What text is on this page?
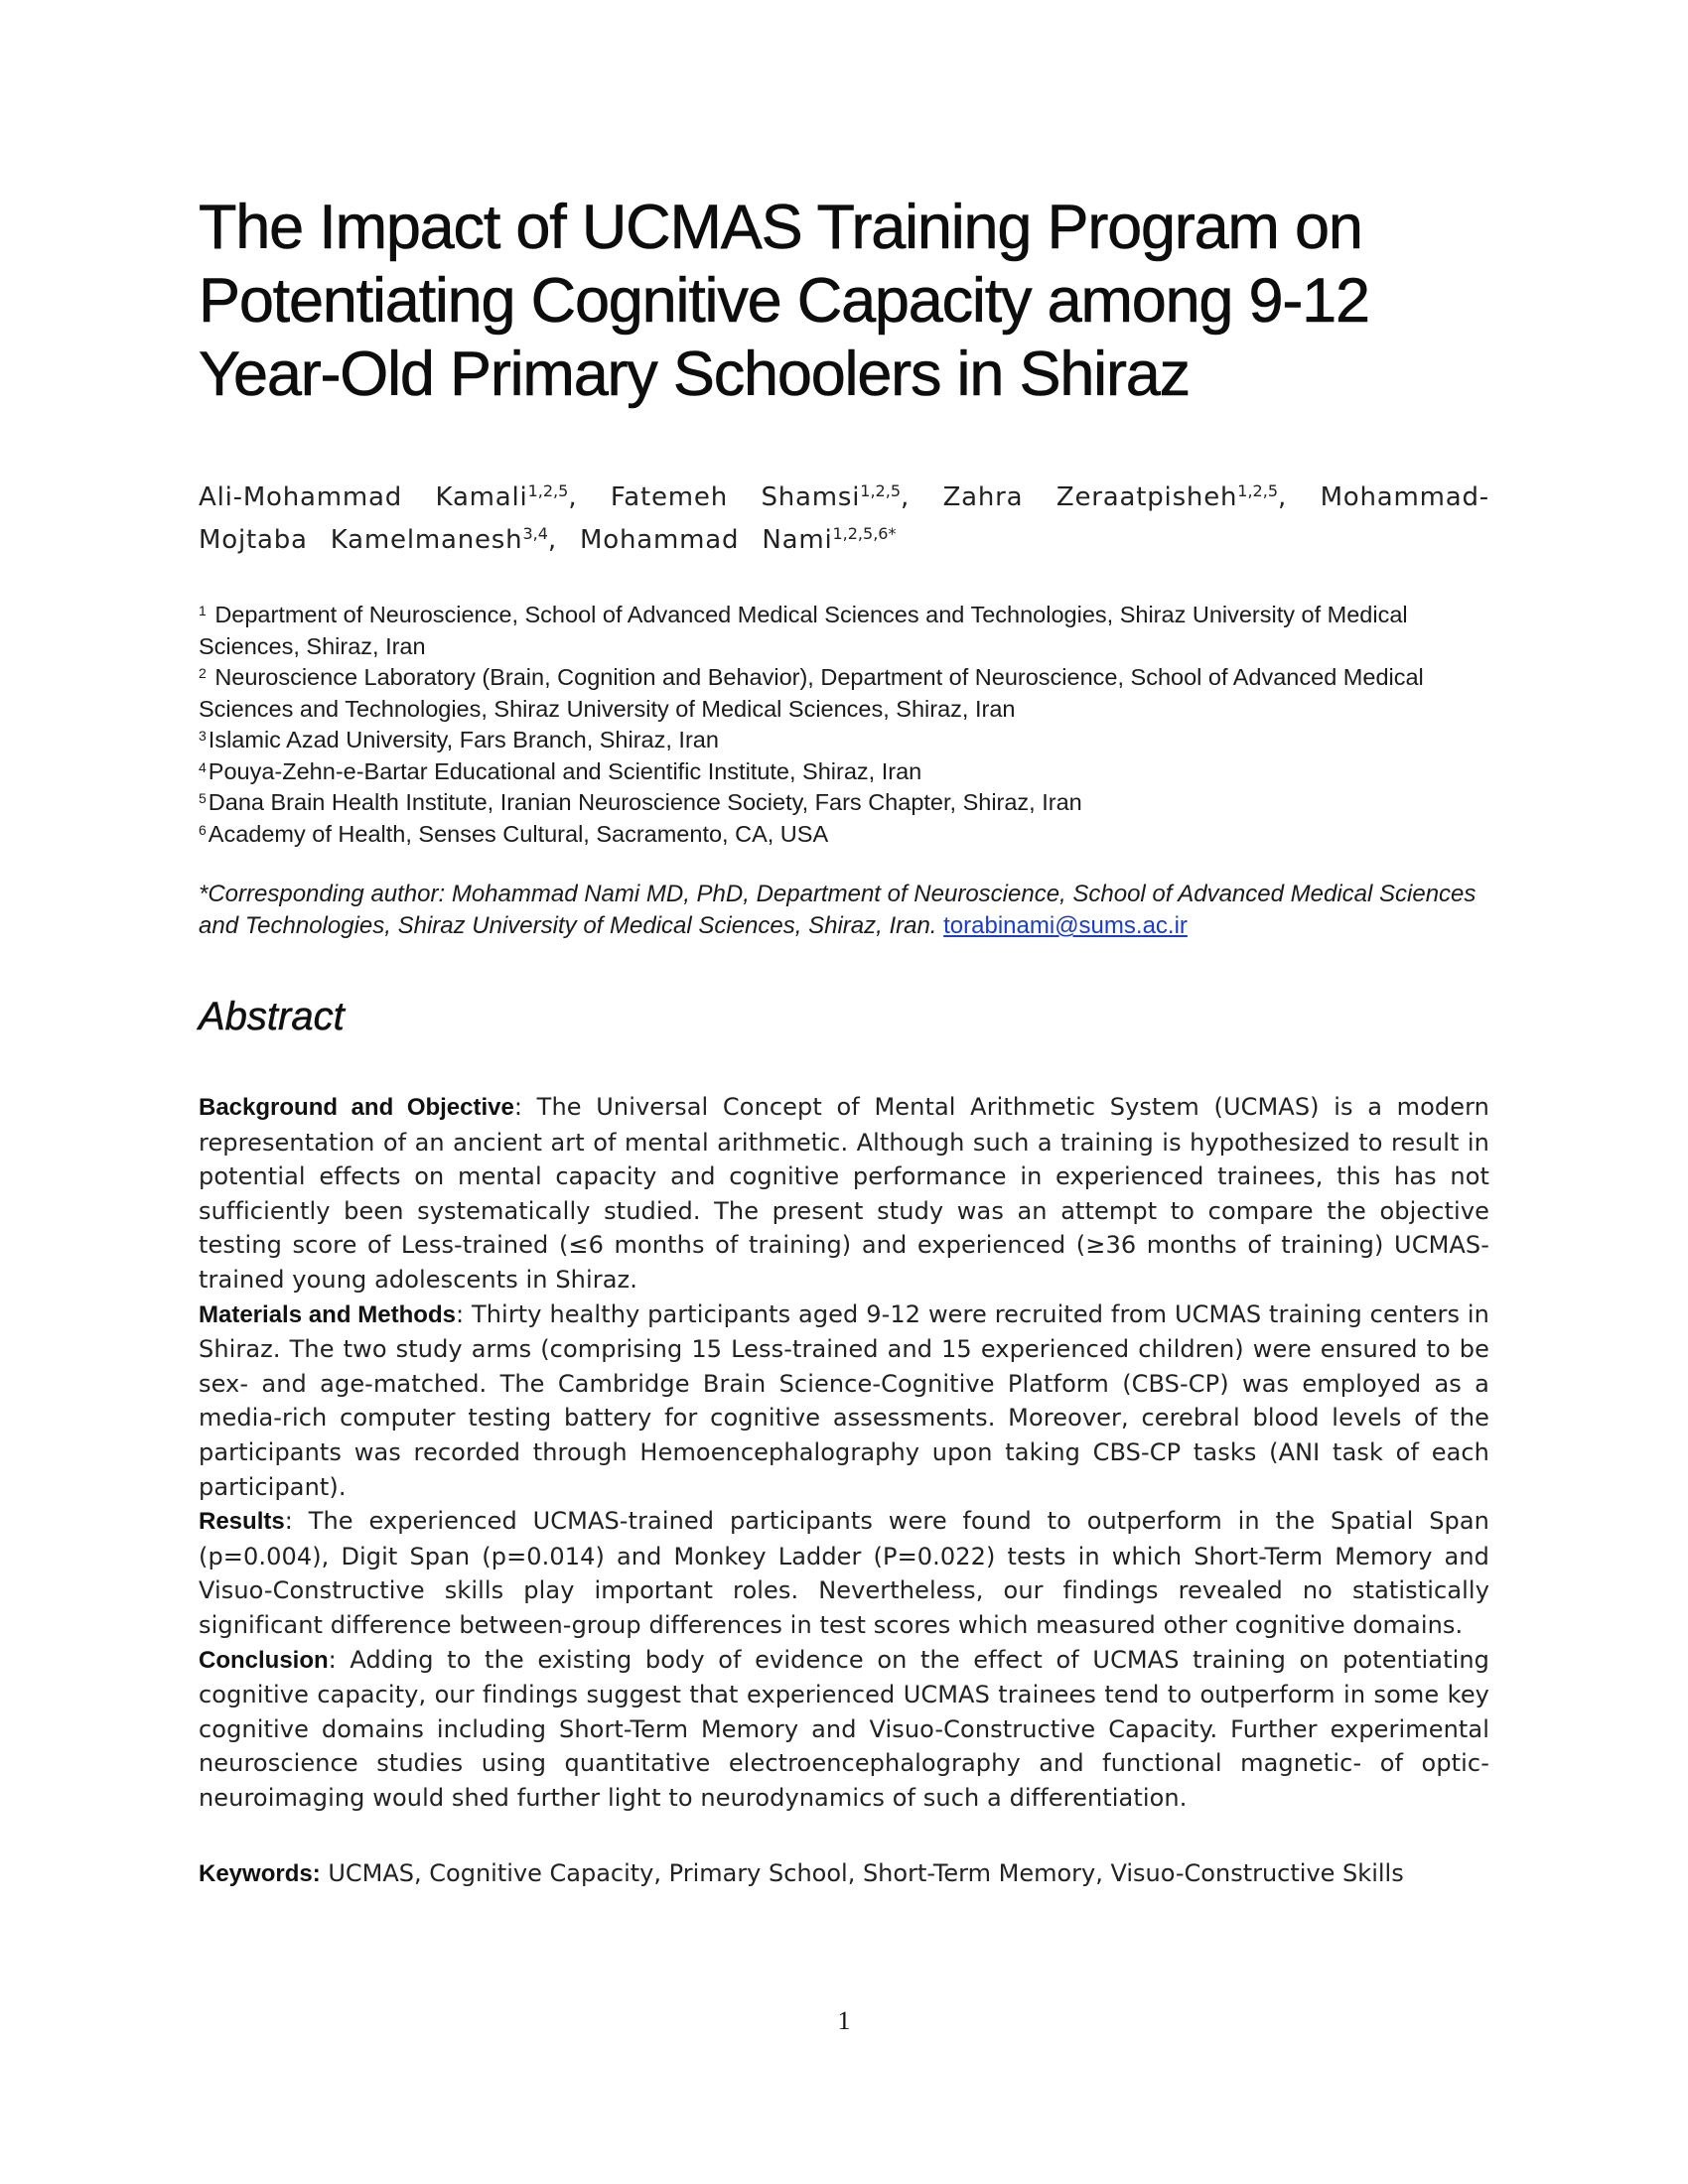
The Impact of UCMAS Training Program on
Potentiating Cognitive Capacity among 9-12
Year-Old Primary Schoolers in Shiraz
Ali-Mohammad Kamali$^{1,2,5}$, Fatemeh Shamsi$^{1,2,5}$, Zahra Zeraatpisheh$^{1,2,5}$, Mohammad-Mojtaba Kamelmanesh$^{3,4}$, Mohammad Nami$^{1,2,5,6*}$
$^1$ Department of Neuroscience, School of Advanced Medical Sciences and Technologies, Shiraz University of Medical Sciences, Shiraz, Iran
$^2$ Neuroscience Laboratory (Brain, Cognition and Behavior), Department of Neuroscience, School of Advanced Medical Sciences and Technologies, Shiraz University of Medical Sciences, Shiraz, Iran
$^3$Islamic Azad University, Fars Branch, Shiraz, Iran
$^4$Pouya-Zehn-e-Bartar Educational and Scientific Institute, Shiraz, Iran
$^5$Dana Brain Health Institute, Iranian Neuroscience Society, Fars Chapter, Shiraz, Iran
$^6$Academy of Health, Senses Cultural, Sacramento, CA, USA
*Corresponding author: Mohammad Nami MD, PhD, Department of Neuroscience, School of Advanced Medical Sciences and Technologies, Shiraz University of Medical Sciences, Shiraz, Iran. torabinami@sums.ac.ir
Abstract

Background and Objective: The Universal Concept of Mental Arithmetic System (UCMAS) is a modern representation of an ancient art of mental arithmetic. Although such a training is hypothesized to result in potential effects on mental capacity and cognitive performance in experienced trainees, this has not sufficiently been systematically studied. The present study was an attempt to compare the objective testing score of Less-trained (≤6 months of training) and experienced (≥36 months of training) UCMAS-trained young adolescents in Shiraz.

Materials and Methods: Thirty healthy participants aged 9-12 were recruited from UCMAS training centers in Shiraz. The two study arms (comprising 15 Less-trained and 15 experienced children) were ensured to be sex- and age-matched. The Cambridge Brain Science-Cognitive Platform (CBS-CP) was employed as a media-rich computer testing battery for cognitive assessments. Moreover, cerebral blood levels of the participants was recorded through Hemoencephalography upon taking CBS-CP tasks (ANI task of each participant).

Results: The experienced UCMAS-trained participants were found to outperform in the Spatial Span (p=0.004), Digit Span (p=0.014) and Monkey Ladder (P=0.022) tests in which Short-Term Memory and Visuo-Constructive skills play important roles. Nevertheless, our findings revealed no statistically significant difference between-group differences in test scores which measured other cognitive domains.

Conclusion: Adding to the existing body of evidence on the effect of UCMAS training on potentiating cognitive capacity, our findings suggest that experienced UCMAS trainees tend to outperform in some key cognitive domains including Short-Term Memory and Visuo-Constructive Capacity. Further experimental neuroscience studies using quantitative electroencephalography and functional magnetic- of optic-neuroimaging would shed further light to neurodynamics of such a differentiation.

Keywords: UCMAS, Cognitive Capacity, Primary School, Short-Term Memory, Visuo-Constructive Skills
1
